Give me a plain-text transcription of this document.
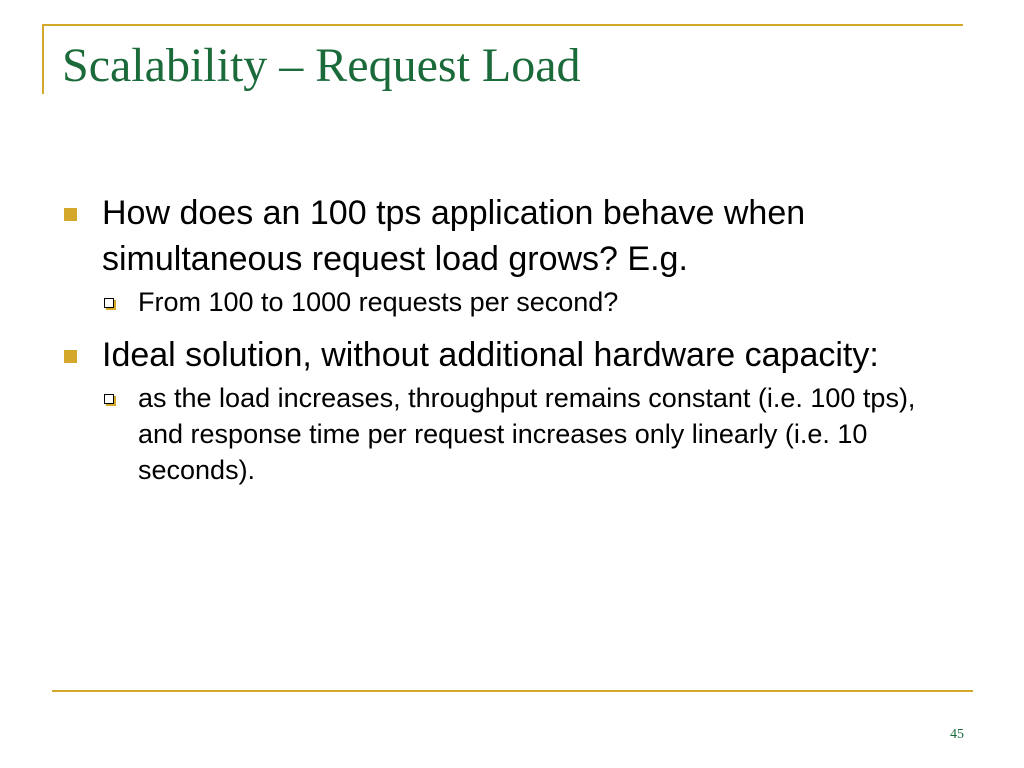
Scalability – Request Load
How does an 100 tps application behave when simultaneous request load grows? E.g.
From 100 to 1000 requests per second?
Ideal solution, without additional hardware capacity:
as the load increases, throughput remains constant (i.e. 100 tps), and response time per request increases only linearly (i.e. 10 seconds).
45
